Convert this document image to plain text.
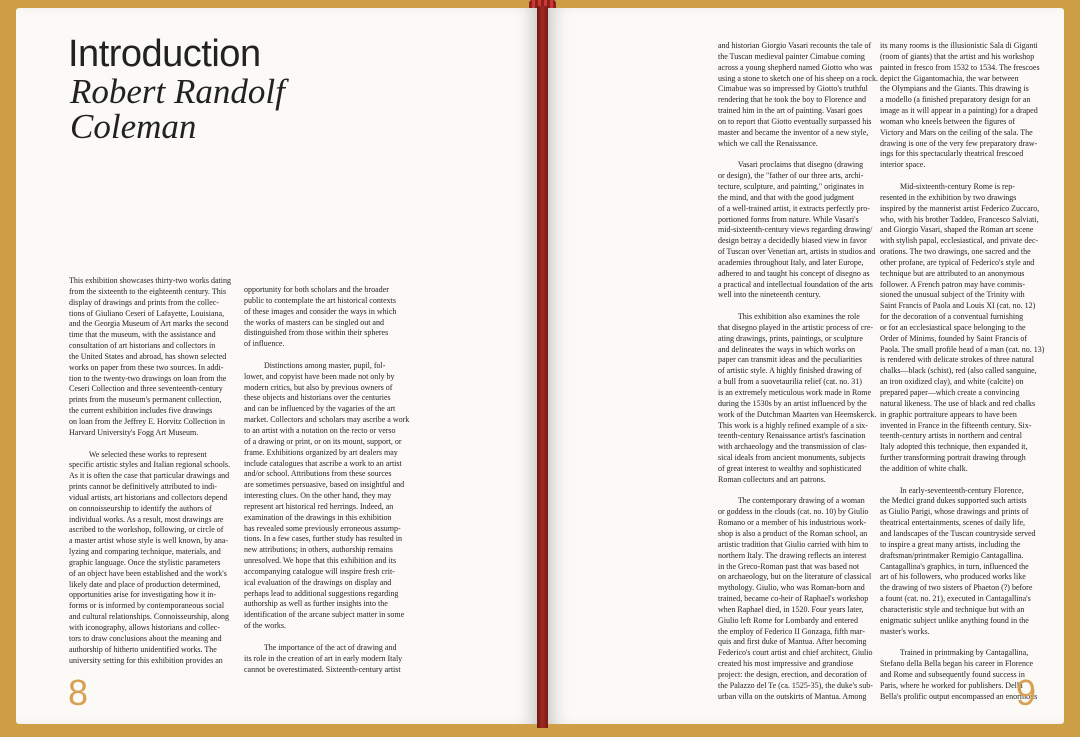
Introduction
Robert Randolf Coleman

This exhibition showcases thirty-two works dating
from the sixteenth to the eighteenth century. This
display of drawings and prints from the collec-
tions of Giuliano Ceseri of Lafayette, Louisiana,
and the Georgia Museum of Art marks the second
time that the museum, with the assistance and
consultation of art historians and collectors in
the United States and abroad, has shown selected
works on paper from these two sources. In addi-
tion to the twenty-two drawings on loan from the
Ceseri Collection and three seventeenth-century
prints from the museum's permanent collection,
the current exhibition includes five drawings
on loan from the Jeffrey E. Horvitz Collection in
Harvard University's Fogg Art Museum.

We selected these works to represent
specific artistic styles and Italian regional schools.
As it is often the case that particular drawings and
prints cannot be definitively attributed to indi-
vidual artists, art historians and collectors depend
on connoisseurship to identify the authors of
individual works. As a result, most drawings are
ascribed to the workshop, following, or circle of
a master artist whose style is well known, by ana-
lyzing and comparing technique, materials, and
graphic language. Once the stylistic parameters
of an object have been established and the work's
likely date and place of production determined,
opportunities arise for investigating how it in-
forms or is informed by contemporaneous social
and cultural relationships. Connoisseurship, along
with iconography, allows historians and collec-
tors to draw conclusions about the meaning and
authorship of hitherto unidentified works. The
university setting for this exhibition provides an

opportunity for both scholars and the broader
public to contemplate the art historical contexts
of these images and consider the ways in which
the works of masters can be singled out and
distinguished from those within their spheres
of influence.

Distinctions among master, pupil, fol-
lower, and copyist have been made not only by
modern critics, but also by previous owners of
these objects and historians over the centuries
and can be influenced by the vagaries of the art
market. Collectors and scholars may ascribe a work
to an artist with a notation on the recto or verso
of a drawing or print, or on its mount, support, or
frame. Exhibitions organized by art dealers may
include catalogues that ascribe a work to an artist
and/or school. Attributions from these sources
are sometimes persuasive, based on insightful and
interesting clues. On the other hand, they may
represent art historical red herrings. Indeed, an
examination of the drawings in this exhibition
has revealed some previously erroneous assump-
tions. In a few cases, further study has resulted in
new attributions; in others, authorship remains
unresolved. We hope that this exhibition and its
accompanying catalogue will inspire fresh crit-
ical evaluation of the drawings on display and
perhaps lead to additional suggestions regarding
authorship as well as further insights into the
identification of the arcane subject matter in some
of the works.

The importance of the act of drawing and
its role in the creation of art in early modern Italy
cannot be overestimated. Sixteenth-century artist

8

and historian Giorgio Vasari recounts the tale of
the Tuscan medieval painter Cimabue coming
across a young shepherd named Giotto who was
using a stone to sketch one of his sheep on a rock.
Cimabue was so impressed by Giotto's truthful
rendering that he took the boy to Florence and
trained him in the art of painting. Vasari goes
on to report that Giotto eventually surpassed his
master and became the inventor of a new style,
which we call the Renaissance.

Vasari proclaims that disegno (drawing
or design), the "father of our three arts, archi-
tecture, sculpture, and painting," originates in
the mind, and that with the good judgment
of a well-trained artist, it extracts perfectly pro-
portioned forms from nature. While Vasari's
mid-sixteenth-century views regarding drawing/
design betray a decidedly biased view in favor
of Tuscan over Venetian art, artists in studios and
academies throughout Italy, and later Europe,
adhered to and taught his concept of disegno as
a practical and intellectual foundation of the arts
well into the nineteenth century.

This exhibition also examines the role
that disegno played in the artistic process of cre-
ating drawings, prints, paintings, or sculpture
and delineates the ways in which works on
paper can transmit ideas and the peculiarities
of artistic style. A highly finished drawing of
a bull from a suovetaurilia relief (cat. no. 31)
is an extremely meticulous work made in Rome
during the 1530s by an artist influenced by the
work of the Dutchman Maarten van Heemskerck.
This work is a highly refined example of a six-
teenth-century Renaissance artist's fascination
with archaeology and the transmission of clas-
sical ideals from ancient monuments, subjects
of great interest to wealthy and sophisticated
Roman collectors and art patrons.

The contemporary drawing of a woman
or goddess in the clouds (cat. no. 10) by Giulio
Romano or a member of his industrious work-
shop is also a product of the Roman school, an
artistic tradition that Giulio carried with him to
northern Italy. The drawing reflects an interest
in the Greco-Roman past that was based not
on archaeology, but on the literature of classical
mythology. Giulio, who was Roman-born and
trained, became co-heir of Raphael's workshop
when Raphael died, in 1520. Four years later,
Giulio left Rome for Lombardy and entered
the employ of Federico II Gonzaga, fifth mar-
quis and first duke of Mantua. After becoming
Federico's court artist and chief architect, Giulio
created his most impressive and grandiose
project: the design, erection, and decoration of
the Palazzo del Te (ca. 1525-35), the duke's sub-
urban villa on the outskirts of Mantua. Among

its many rooms is the illusionistic Sala di Giganti
(room of giants) that the artist and his workshop
painted in fresco from 1532 to 1534. The frescoes
depict the Gigantomachia, the war between
the Olympians and the Giants. This drawing is
a modello (a finished preparatory design for an
image as it will appear in a painting) for a draped
woman who kneels between the figures of
Victory and Mars on the ceiling of the sala. The
drawing is one of the very few preparatory draw-
ings for this spectacularly theatrical frescoed
interior space.

Mid-sixteenth-century Rome is rep-
resented in the exhibition by two drawings
inspired by the mannerist artist Federico Zuccaro,
who, with his brother Taddeo, Francesco Salviati,
and Giorgio Vasari, shaped the Roman art scene
with stylish papal, ecclesiastical, and private dec-
orations. The two drawings, one sacred and the
other profane, are typical of Federico's style and
technique but are attributed to an anonymous
follower. A French patron may have commis-
sioned the unusual subject of the Trinity with
Saint Francis of Paola and Louis XI (cat. no. 12)
for the decoration of a conventual furnishing
or for an ecclesiastical space belonging to the
Order of Minims, founded by Saint Francis of
Paola. The small profile head of a man (cat. no. 13)
is rendered with delicate strokes of three natural
chalks—black (schist), red (also called sanguine,
an iron oxidized clay), and white (calcite) on
prepared paper—which create a convincing
natural likeness. The use of black and red chalks
in graphic portraiture appears to have been
invented in France in the fifteenth century. Six-
teenth-century artists in northern and central
Italy adopted this technique, then expanded it,
further transforming portrait drawing through
the addition of white chalk.

In early-seventeenth-century Florence,
the Medici grand dukes supported such artists
as Giulio Parigi, whose drawings and prints of
theatrical entertainments, scenes of daily life,
and landscapes of the Tuscan countryside served
to inspire a great many artists, including the
draftsman/printmaker Remigio Cantagallina.
Cantagallina's graphics, in turn, influenced the
art of his followers, who produced works like
the drawing of two sisters of Phaeton (?) before
a fount (cat. no. 21), executed in Cantagallina's
characteristic style and technique but with an
enigmatic subject unlike anything found in the
master's works.

Trained in printmaking by Cantagallina,
Stefano della Bella began his career in Florence
and Rome and subsequently found success in
Paris, where he worked for publishers. Della
Bella's prolific output encompassed an enormous

9
